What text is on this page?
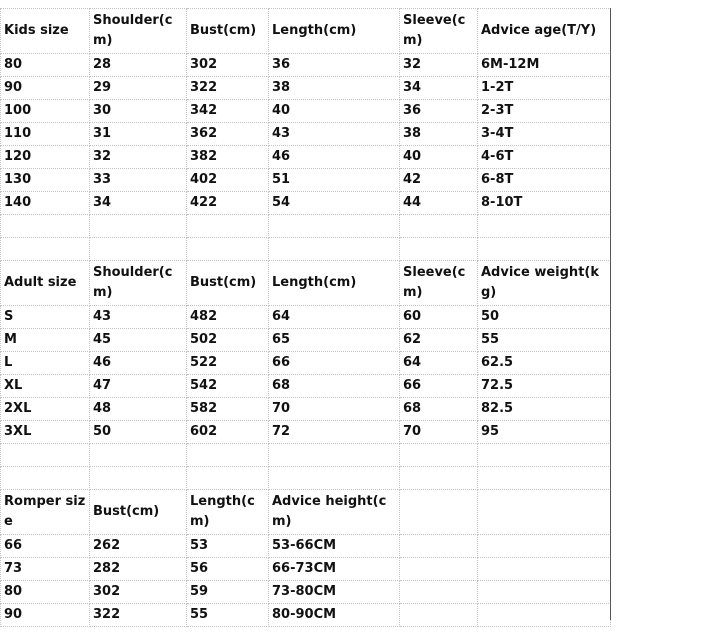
Kids size	Shoulder(cm)	Bust(cm)	Length(cm)	Sleeve(cm)	Advice age(T/Y)
80	28	302	36	32	6M-12M
90	29	322	38	34	1-2T
100	30	342	40	36	2-3T
110	31	362	43	38	3-4T
120	32	382	46	40	4-6T
130	33	402	51	42	6-8T
140	34	422	54	44	8-10T

Adult size	Shoulder(cm)	Bust(cm)	Length(cm)	Sleeve(cm)	Advice weight(kg)
S	43	482	64	60	50
M	45	502	65	62	55
L	46	522	66	64	62.5
XL	47	542	68	66	72.5
2XL	48	582	70	68	82.5
3XL	50	602	72	70	95

Romper size	Bust(cm)	Length(cm)	Advice height(cm)		
66	262	53	53-66CM		
73	282	56	66-73CM		
80	302	59	73-80CM		
90	322	55	80-90CM		
